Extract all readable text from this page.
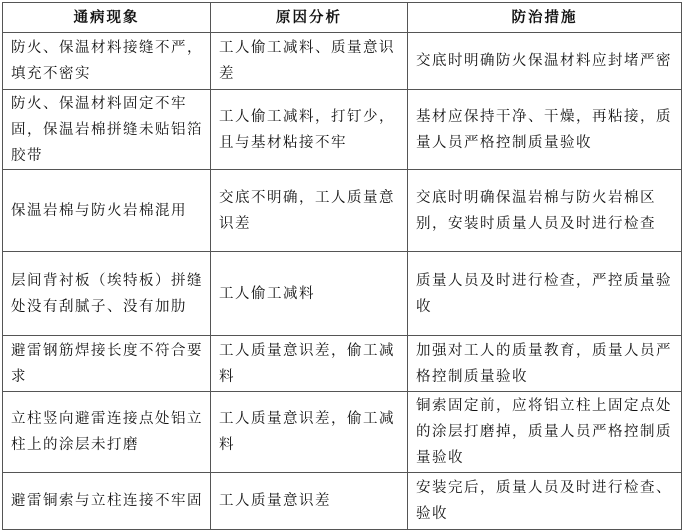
通病现象	原因分析	防治措施
防火、保温材料接缝不严，填充不密实	工人偷工减料、质量意识差	交底时明确防火保温材料应封堵严密
防火、保温材料固定不牢固，保温岩棉拼缝未贴铝箔胶带	工人偷工减料，打钉少，且与基材粘接不牢	基材应保持干净、干燥，再粘接，质量人员严格控制质量验收
保温岩棉与防火岩棉混用	交底不明确，工人质量意识差	交底时明确保温岩棉与防火岩棉区别，安装时质量人员及时进行检查
层间背衬板（埃特板）拼缝处没有刮腻子、没有加肋	工人偷工减料	质量人员及时进行检查，严控质量验收
避雷钢筋焊接长度不符合要求	工人质量意识差，偷工减料	加强对工人的质量教育，质量人员严格控制质量验收
立柱竖向避雷连接点处铝立柱上的涂层未打磨	工人质量意识差，偷工减料	铜索固定前，应将铝立柱上固定点处的涂层打磨掉，质量人员严格控制质量验收
避雷铜索与立柱连接不牢固	工人质量意识差	安装完后，质量人员及时进行检查、验收
